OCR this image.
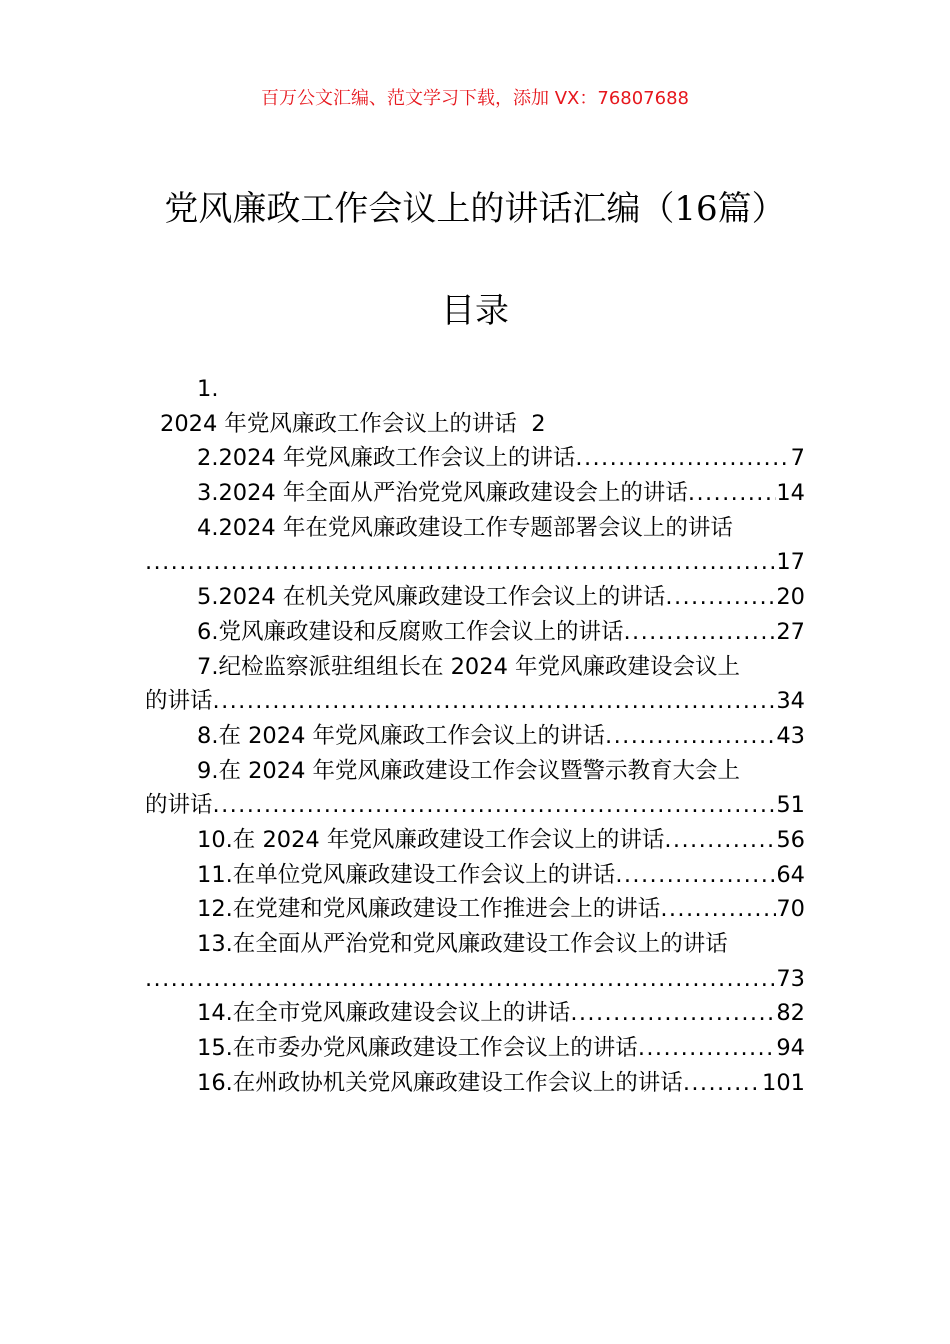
百万公文汇编、范文学习下载，添加 VX：76807688
党风廉政工作会议上的讲话汇编（16篇）
目录
1.
2024 年党风廉政工作会议上的讲话 2
2.2024 年党风廉政工作会议上的讲话 .....	7
3.2024 年全面从严治党党风廉政建设会上的讲话 .....	14
4.2024 年在党风廉政建设工作专题部署会议上的讲话
.....
17
5.2024 在机关党风廉政建设工作会议上的讲话 .....	20
6.党风廉政建设和反腐败工作会议上的讲话 .....	27
7.纪检监察派驻组组长在 2024 年党风廉政建设会议上
的讲话 .....	34
8.在 2024 年党风廉政工作会议上的讲话 .....	43
9.在 2024 年党风廉政建设工作会议暨警示教育大会上
的讲话 .....	51
10.在 2024 年党风廉政建设工作会议上的讲话 .....	56
11.在单位党风廉政建设工作会议上的讲话 .....	64
12.在党建和党风廉政建设工作推进会上的讲话 .....	70
13.在全面从严治党和党风廉政建设工作会议上的讲话
.....
73
14.在全市党风廉政建设会议上的讲话 .....	82
15.在市委办党风廉政建设工作会议上的讲话 .....	94
16.在州政协机关党风廉政建设工作会议上的讲话 .....	101
